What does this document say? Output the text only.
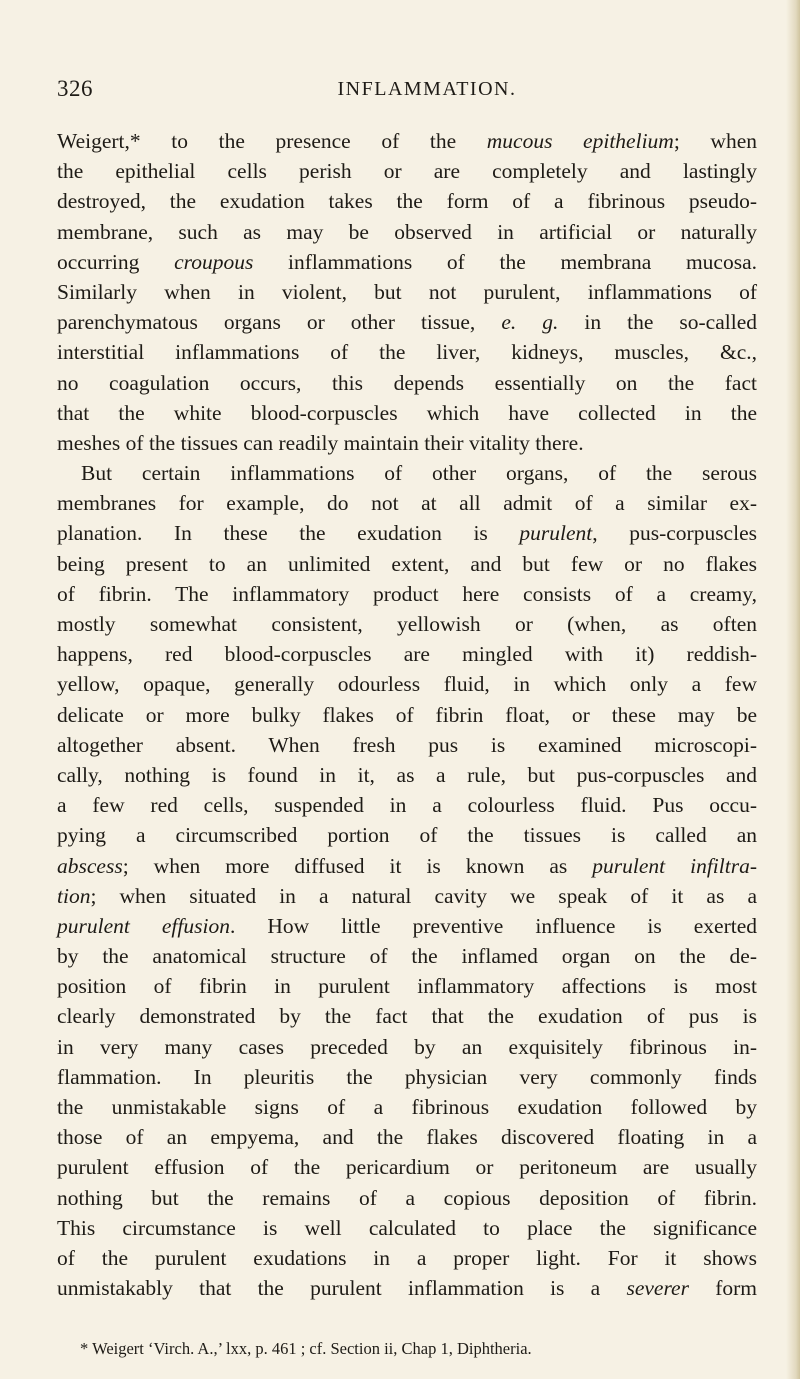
326	INFLAMMATION.
Weigert,* to the presence of the mucous epithelium; when
the epithelial cells perish or are completely and lastingly
destroyed, the exudation takes the form of a fibrinous pseudo-
membrane, such as may be observed in artificial or naturally
occurring croupous inflammations of the membrana mucosa.
Similarly when in violent, but not purulent, inflammations of
parenchymatous organs or other tissue, e. g. in the so-called
interstitial inflammations of the liver, kidneys, muscles, &c.,
no coagulation occurs, this depends essentially on the fact
that the white blood-corpuscles which have collected in the
meshes of the tissues can readily maintain their vitality there.
But certain inflammations of other organs, of the serous
membranes for example, do not at all admit of a similar ex-
planation. In these the exudation is purulent, pus-corpuscles
being present to an unlimited extent, and but few or no flakes
of fibrin. The inflammatory product here consists of a creamy,
mostly somewhat consistent, yellowish or (when, as often
happens, red blood-corpuscles are mingled with it) reddish-
yellow, opaque, generally odourless fluid, in which only a few
delicate or more bulky flakes of fibrin float, or these may be
altogether absent. When fresh pus is examined microscopi-
cally, nothing is found in it, as a rule, but pus-corpuscles and
a few red cells, suspended in a colourless fluid. Pus occu-
pying a circumscribed portion of the tissues is called an
abscess; when more diffused it is known as purulent infiltra-
tion; when situated in a natural cavity we speak of it as a
purulent effusion. How little preventive influence is exerted
by the anatomical structure of the inflamed organ on the de-
position of fibrin in purulent inflammatory affections is most
clearly demonstrated by the fact that the exudation of pus is
in very many cases preceded by an exquisitely fibrinous in-
flammation. In pleuritis the physician very commonly finds
the unmistakable signs of a fibrinous exudation followed by
those of an empyema, and the flakes discovered floating in a
purulent effusion of the pericardium or peritoneum are usually
nothing but the remains of a copious deposition of fibrin.
This circumstance is well calculated to place the significance
of the purulent exudations in a proper light. For it shows
unmistakably that the purulent inflammation is a severer form
* Weigert ‘Virch. A.,’ lxx, p. 461 ; cf. Section ii, Chap 1, Diphtheria.
